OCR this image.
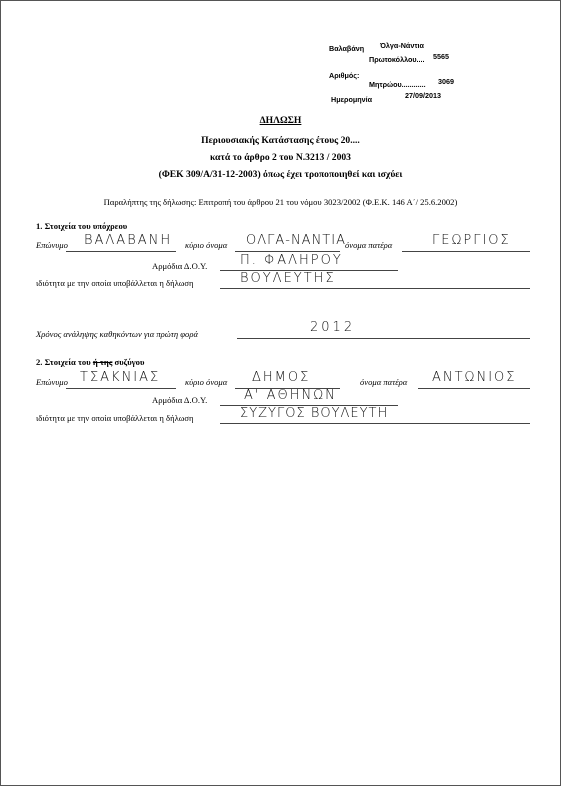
Βαλαβάνη Όλγα-Νάντια
Πρωτοκόλλου.... 5565
Αριθμός:
Μητρώου............ 3069
Ημερομηνία	27/09/2013
ΔΗΛΩΣΗ
Περιουσιακής Κατάστασης έτους 20....
κατά το άρθρο 2 του Ν.3213 / 2003
(ΦΕΚ 309/Α/31-12-2003) όπως έχει τροποποιηθεί και ισχύει
Παραλήπτης της δήλωσης: Επιτροπή του άρθρου 21 του νόμου 3023/2002 (Φ.Ε.Κ. 146 Α΄/ 25.6.2002)
1. Στοιχεία του υπόχρεου
Επώνυμο ΒΑΛΑΒΑΝΗ κύριο όνομα ΟΛΓΑ-ΝΑΝΤΙΑ όνομα πατέρα	ΓΕΩΡΓΙΟΣ
Αρμόδια Δ.Ο.Υ.	Π. ΦΑΛΗΡΟΥ
ιδιότητα με την οποία υποβάλλεται η δήλωση	ΒΟΥΛΕΥΤΗΣ
Χρόνος ανάληψης καθηκόντων για πρώτη φορά	2012
2. Στοιχεία του ή της συζύγου
Επώνυμο ΤΣΑΚΝΙΑΣ	κύριο όνομα ΔΗΜΟΣ	όνομα πατέρα ΑΝΤΩΝΙΟΣ
Αρμόδια Δ.Ο.Υ.	Α' ΑΘΗΝΩΝ
ιδιότητα με την οποία υποβάλλεται η δήλωση	ΣΥΖΥΓΟΣ ΒΟΥΛΕΥΤΗ
